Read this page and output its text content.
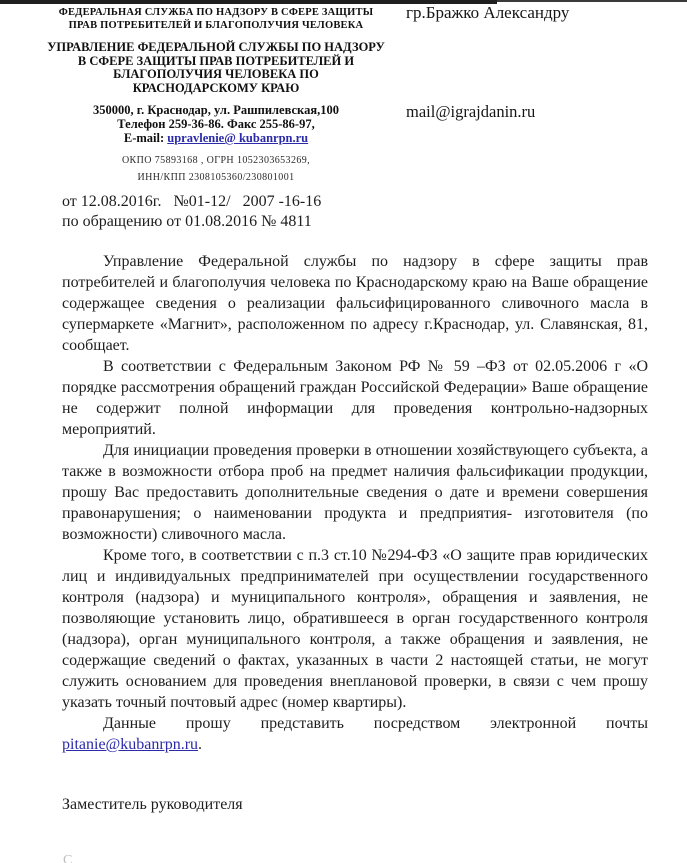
ФЕДЕРАЛЬНАЯ СЛУЖБА ПО НАДЗОРУ В СФЕРЕ ЗАЩИТЫ
ПРАВ ПОТРЕБИТЕЛЕЙ И БЛАГОПОЛУЧИЯ ЧЕЛОВЕКА
УПРАВЛЕНИЕ ФЕДЕРАЛЬНОЙ СЛУЖБЫ ПО НАДЗОРУ
В СФЕРЕ ЗАЩИТЫ ПРАВ ПОТРЕБИТЕЛЕЙ И
БЛАГОПОЛУЧИЯ ЧЕЛОВЕКА ПО
КРАСНОДАРСКОМУ КРАЮ
350000, г. Краснодар, ул. Рашпилевская,100
Телефон 259-36-86. Факс 255-86-97,
E-mail: upravlenie@ kubanrpn.ru
ОКПО 75893168 , ОГРН 1052303653269,
ИНН/КПП 2308105360/230801001
гр.Бражко Александру
mail@igrajdanin.ru
от 12.08.2016г.   №01-12/   2007 -16-16
по обращению от 01.08.2016 № 4811

Управление Федеральной службы по надзору в сфере защиты прав потребителей и благополучия человека по Краснодарскому краю на Ваше обращение содержащее сведения о реализации фальсифицированного сливочного масла в супермаркете «Магнит», расположенном по адресу г.Краснодар, ул. Славянская, 81, сообщает.

В соответствии с Федеральным Законом РФ № 59 –ФЗ от 02.05.2006 г «О порядке рассмотрения обращений граждан Российской Федерации» Ваше обращение не содержит полной информации для проведения контрольно-надзорных мероприятий.

Для инициации проведения проверки в отношении хозяйствующего субъекта, а также в возможности отбора проб на предмет наличия фальсификации продукции, прошу Вас предоставить дополнительные сведения о дате и времени совершения правонарушения; о наименовании продукта и предприятия- изготовителя (по возможности) сливочного масла.

Кроме того, в соответствии с п.3 ст.10 №294-ФЗ «О защите прав юридических лиц и индивидуальных предпринимателей при осуществлении государственного контроля (надзора) и муниципального контроля», обращения и заявления, не позволяющие установить лицо, обратившееся в орган государственного контроля (надзора), орган муниципального контроля, а также обращения и заявления, не содержащие сведений о фактах, указанных в части 2 настоящей статьи, не могут служить основанием для проведения внеплановой проверки, в связи с чем прошу указать точный почтовый адрес (номер квартиры).

Данные прошу представить посредством электронной почты pitanie@kubanrpn.ru.

Заместитель руководителя
С
